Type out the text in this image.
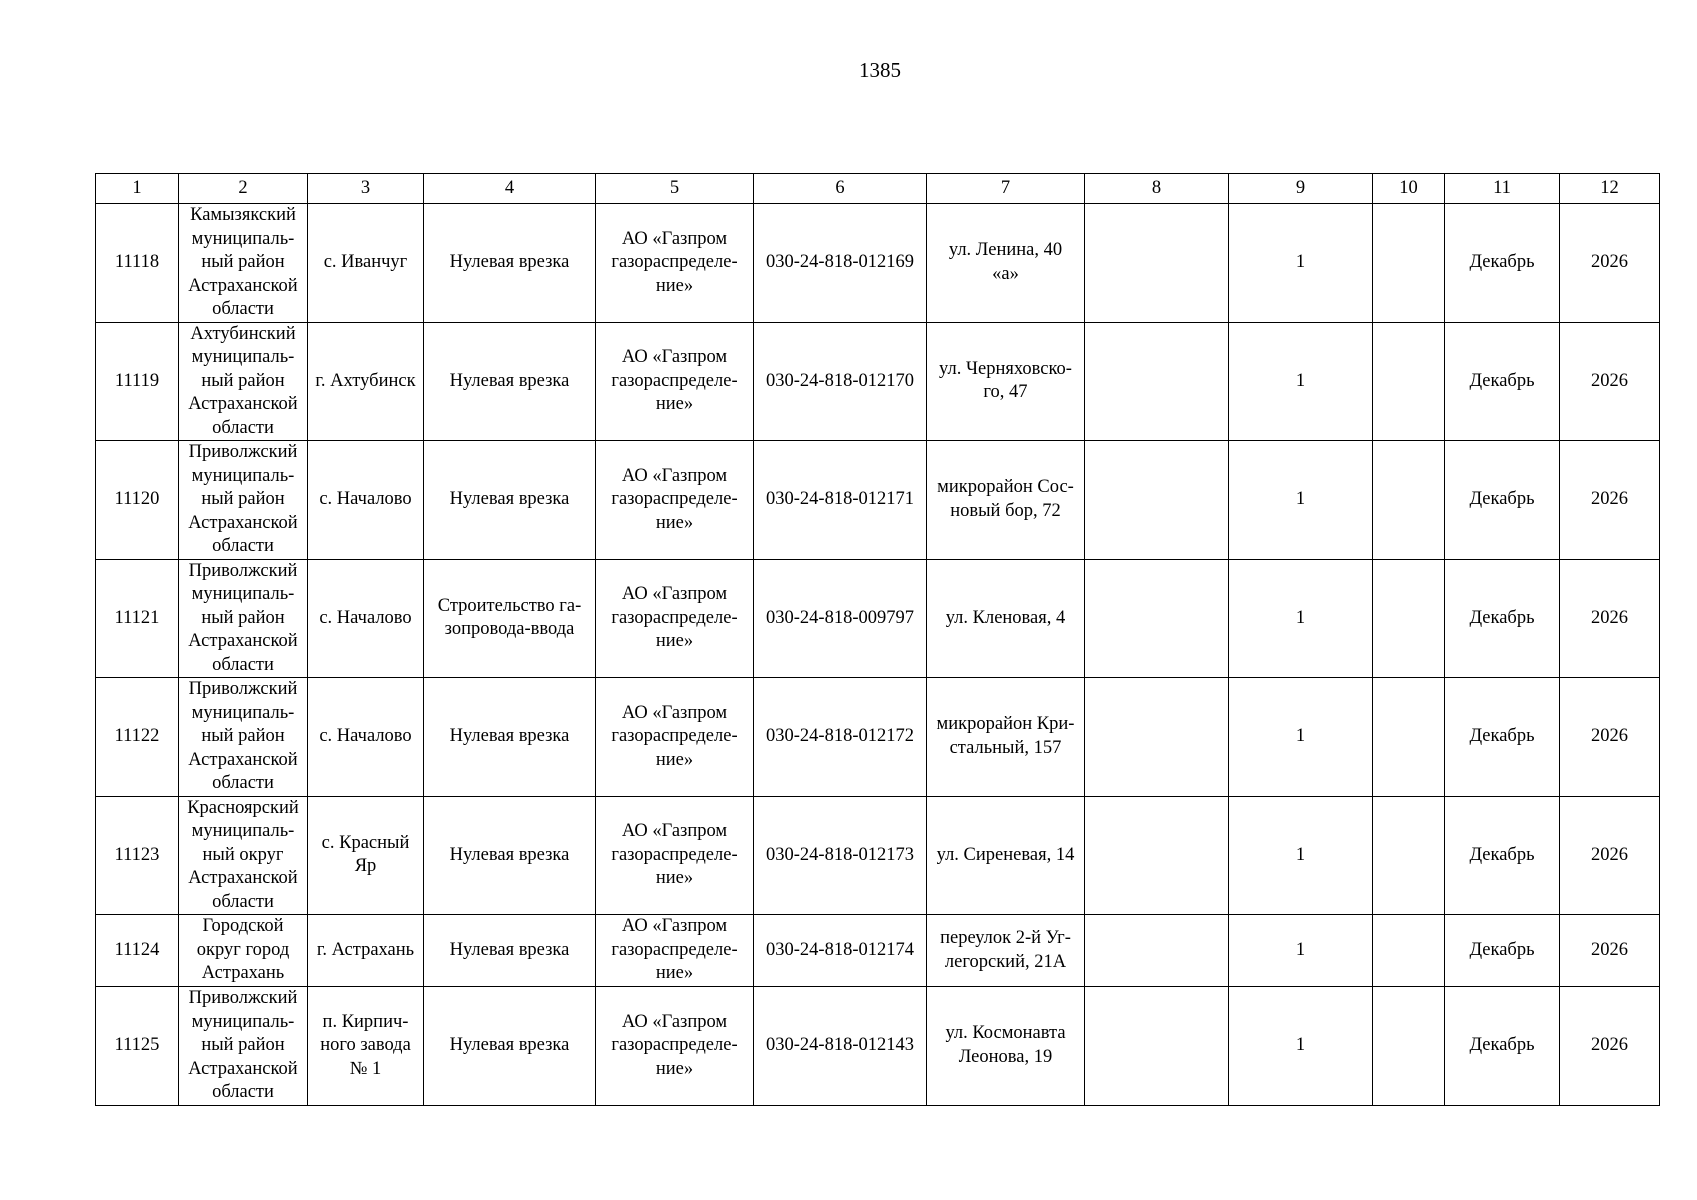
1385
1	2	3	4	5	6	7	8	9	10	11	12

11118	Камызякский
муниципаль-
ный район
Астраханской
области	с. Иванчуг	Нулевая врезка	АО «Газпром
газораспределе-
ние»	030-24-818-012169	ул. Ленина, 40
«а»		1		Декабрь	2026

11119	Ахтубинский
муниципаль-
ный район
Астраханской
области	г. Ахтубинск	Нулевая врезка	АО «Газпром
газораспределе-
ние»	030-24-818-012170	ул. Черняховско-
го, 47		1		Декабрь	2026

11120	Приволжский
муниципаль-
ный район
Астраханской
области	с. Началово	Нулевая врезка	АО «Газпром
газораспределе-
ние»	030-24-818-012171	микрорайон Сос-
новый бор, 72		1		Декабрь	2026

11121	Приволжский
муниципаль-
ный район
Астраханской
области	с. Началово	Строительство га-
зопровода-ввода	АО «Газпром
газораспределе-
ние»	030-24-818-009797	ул. Кленовая, 4		1		Декабрь	2026

11122	Приволжский
муниципаль-
ный район
Астраханской
области	с. Началово	Нулевая врезка	АО «Газпром
газораспределе-
ние»	030-24-818-012172	микрорайон Кри-
стальный, 157		1		Декабрь	2026

11123	Красноярский
муниципаль-
ный округ
Астраханской
области	с. Красный
Яр	Нулевая врезка	АО «Газпром
газораспределе-
ние»	030-24-818-012173	ул. Сиреневая, 14		1		Декабрь	2026

11124	Городской
округ город
Астрахань	г. Астрахань	Нулевая врезка	АО «Газпром
газораспределе-
ние»	030-24-818-012174	переулок 2-й Уг-
легорский, 21А		1		Декабрь	2026

11125	Приволжский
муниципаль-
ный район
Астраханской
области	п. Кирпич-
ного завода
№ 1	Нулевая врезка	АО «Газпром
газораспределе-
ние»	030-24-818-012143	ул. Космонавта
Леонова, 19		1		Декабрь	2026
